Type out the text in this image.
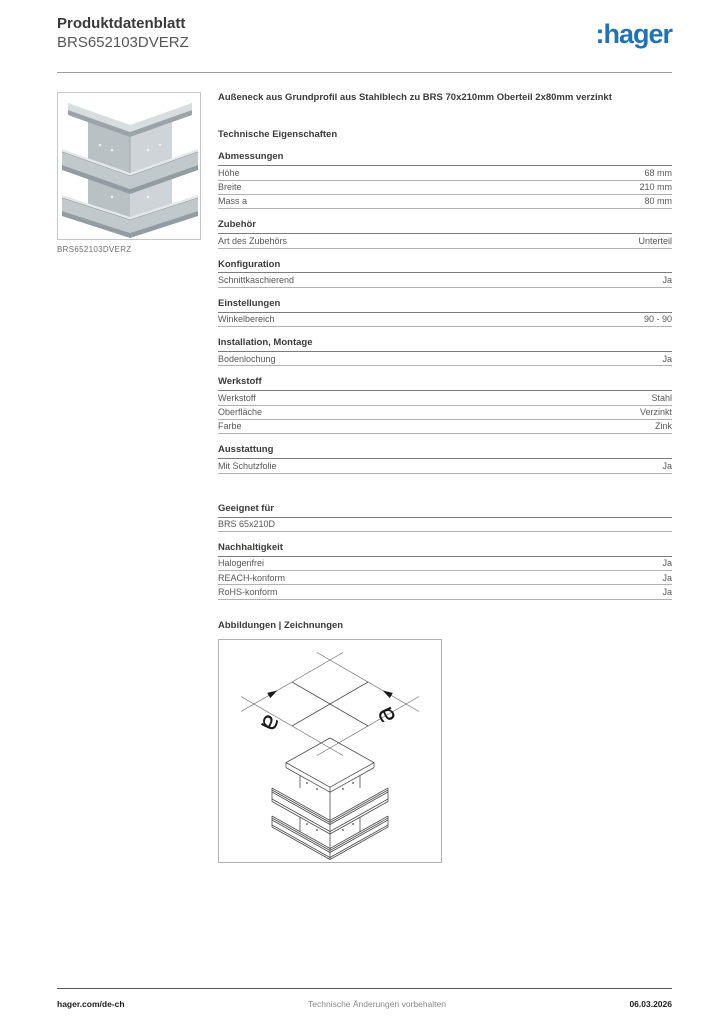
Produktdatenblatt
BRS652103DVERZ	:hager
BRS652103DVERZ

Außeneck aus Grundprofil aus Stahlblech zu BRS 70x210mm Oberteil 2x80mm verzinkt

Technische Eigenschaften
Abmessungen
Höhe	68 mm
Breite	210 mm
Mass a	80 mm
Zubehör
Art des Zubehörs	Unterteil
Konfiguration
Schnittkaschierend	Ja
Einstellungen
Winkelbereich	90 - 90
Installation, Montage
Bodenlochung	Ja
Werkstoff
Werkstoff	Stahl
Oberfläche	Verzinkt
Farbe	Zink
Ausstattung
Mit Schutzfolie	Ja
Geeignet für
BRS 65x210D
Nachhaltigkeit
Halogenfrei	Ja
REACH-konform	Ja
RoHS-konform	Ja
Abbildungen | Zeichnungen
a	a
hager.com/de-ch	Technische Änderungen vorbehalten	06.03.2026
